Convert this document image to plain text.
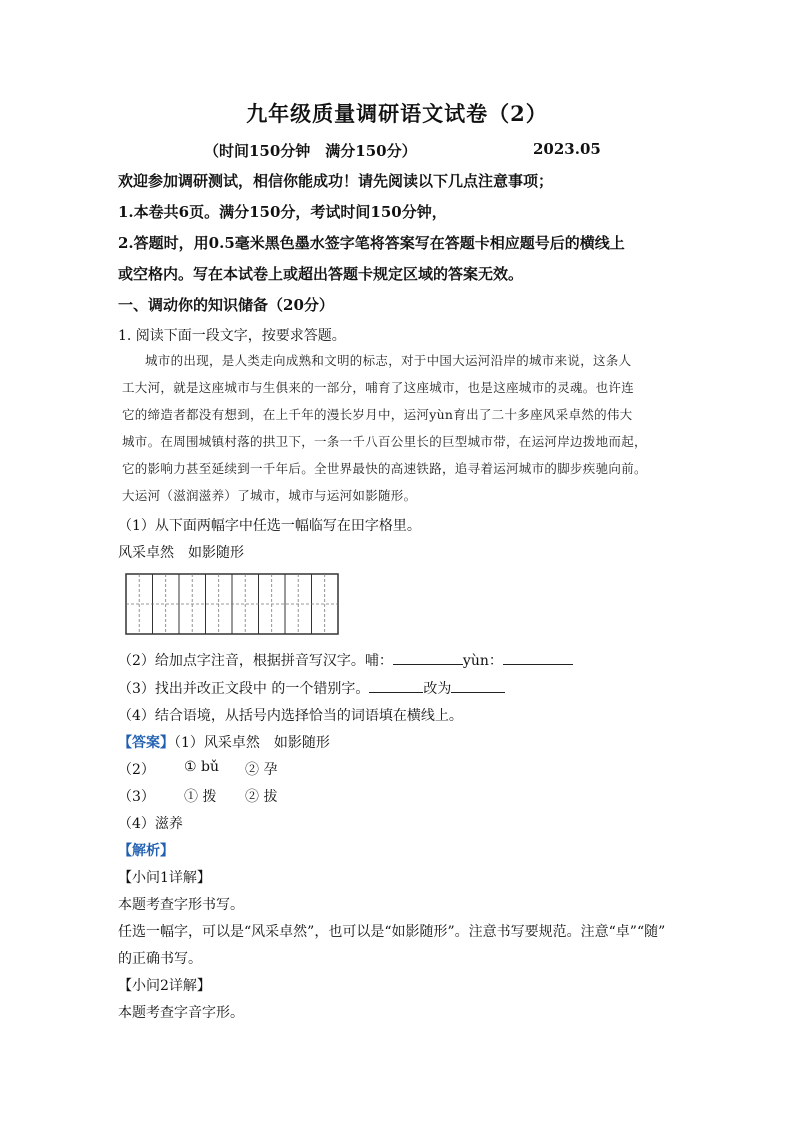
九年级质量调研语文试卷（2）
（时间150分钟　满分150分）	2023.05
欢迎参加调研测试，相信你能成功！请先阅读以下几点注意事项；
1.本卷共6页。满分150分，考试时间150分钟，
2.答题时，用0.5毫米黑色墨水签字笔将答案写在答题卡相应题号后的横线上
或空格内。写在本试卷上或超出答题卡规定区域的答案无效。
一、调动你的知识储备（20分）
1. 阅读下面一段文字，按要求答题。
城市的出现，是人类走向成熟和文明的标志，对于中国大运河沿岸的城市来说，这条人
工大河，就是这座城市与生俱来的一部分，哺育了这座城市，也是这座城市的灵魂。也许连
它的缔造者都没有想到，在上千年的漫长岁月中，运河yùn育出了二十多座风采卓然的伟大
城市。在周围城镇村落的拱卫下，一条一千八百公里长的巨型城市带，在运河岸边拨地而起，
它的影响力甚至延续到一千年后。全世界最快的高速铁路，追寻着运河城市的脚步疾驰向前。
大运河（滋润滋养）了城市，城市与运河如影随形。
（1）从下面两幅字中任选一幅临写在田字格里。
风采卓然　如影随形
（2）给加点字注音，根据拼音写汉字。哺：	yùn：
（3）找出并改正文段中 的一个错别字。	改为
（4）结合语境，从括号内选择恰当的词语填在横线上。
【答案】（1）风采卓然　如影随形
（2） ① bǔ ② 孕
（3） ① 拨 ② 拔
（4）滋养
【解析】
【小问1详解】
本题考查字形书写。
任选一幅字，可以是“风采卓然”，也可以是“如影随形”。注意书写要规范。注意“卓”“随”
的正确书写。
【小问2详解】
本题考查字音字形。
